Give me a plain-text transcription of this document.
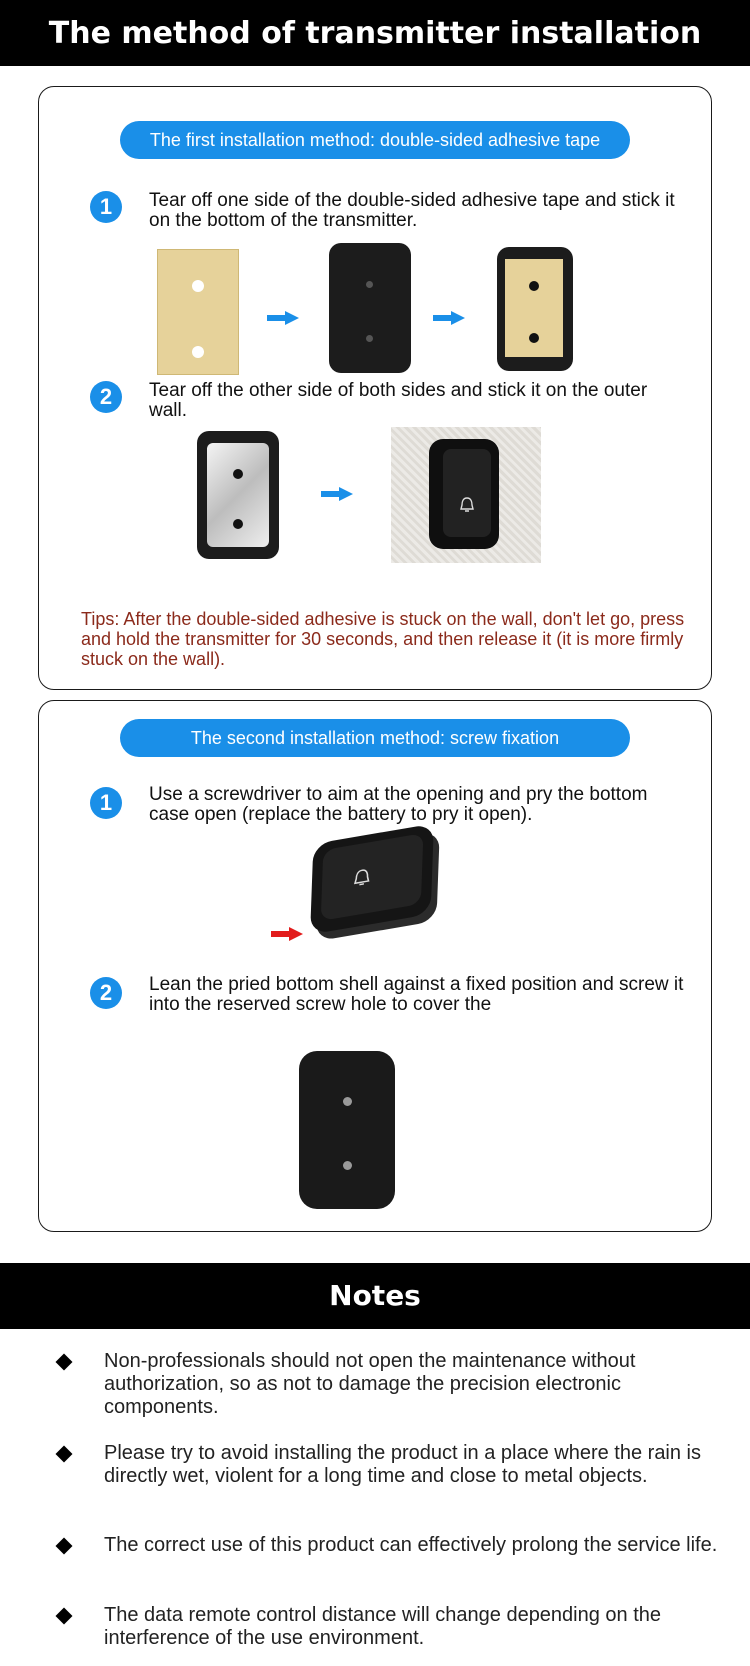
The method of transmitter installation
The first installation method: double-sided adhesive tape
1	Tear off one side of the double-sided adhesive tape and stick it on the bottom of the transmitter.
2	Tear off the other side of both sides and stick it on the outer wall.
Tips: After the double-sided adhesive is stuck on the wall, don't let go, press and hold the transmitter for 30 seconds, and then release it (it is more firmly stuck on the wall).
The second installation method: screw fixation
1	Use a screwdriver to aim at the opening and pry the bottom case open (replace the battery to pry it open).
2	Lean the pried bottom shell against a fixed position and screw it into the reserved screw hole to cover the
Notes
Non-professionals should not open the maintenance without authorization, so as not to damage the precision electronic components.
Please try to avoid installing the product in a place where the rain is directly wet, violent for a long time and close to metal objects.
The correct use of this product can effectively prolong the service life.
The data remote control distance will change depending on the interference of the use environment.
